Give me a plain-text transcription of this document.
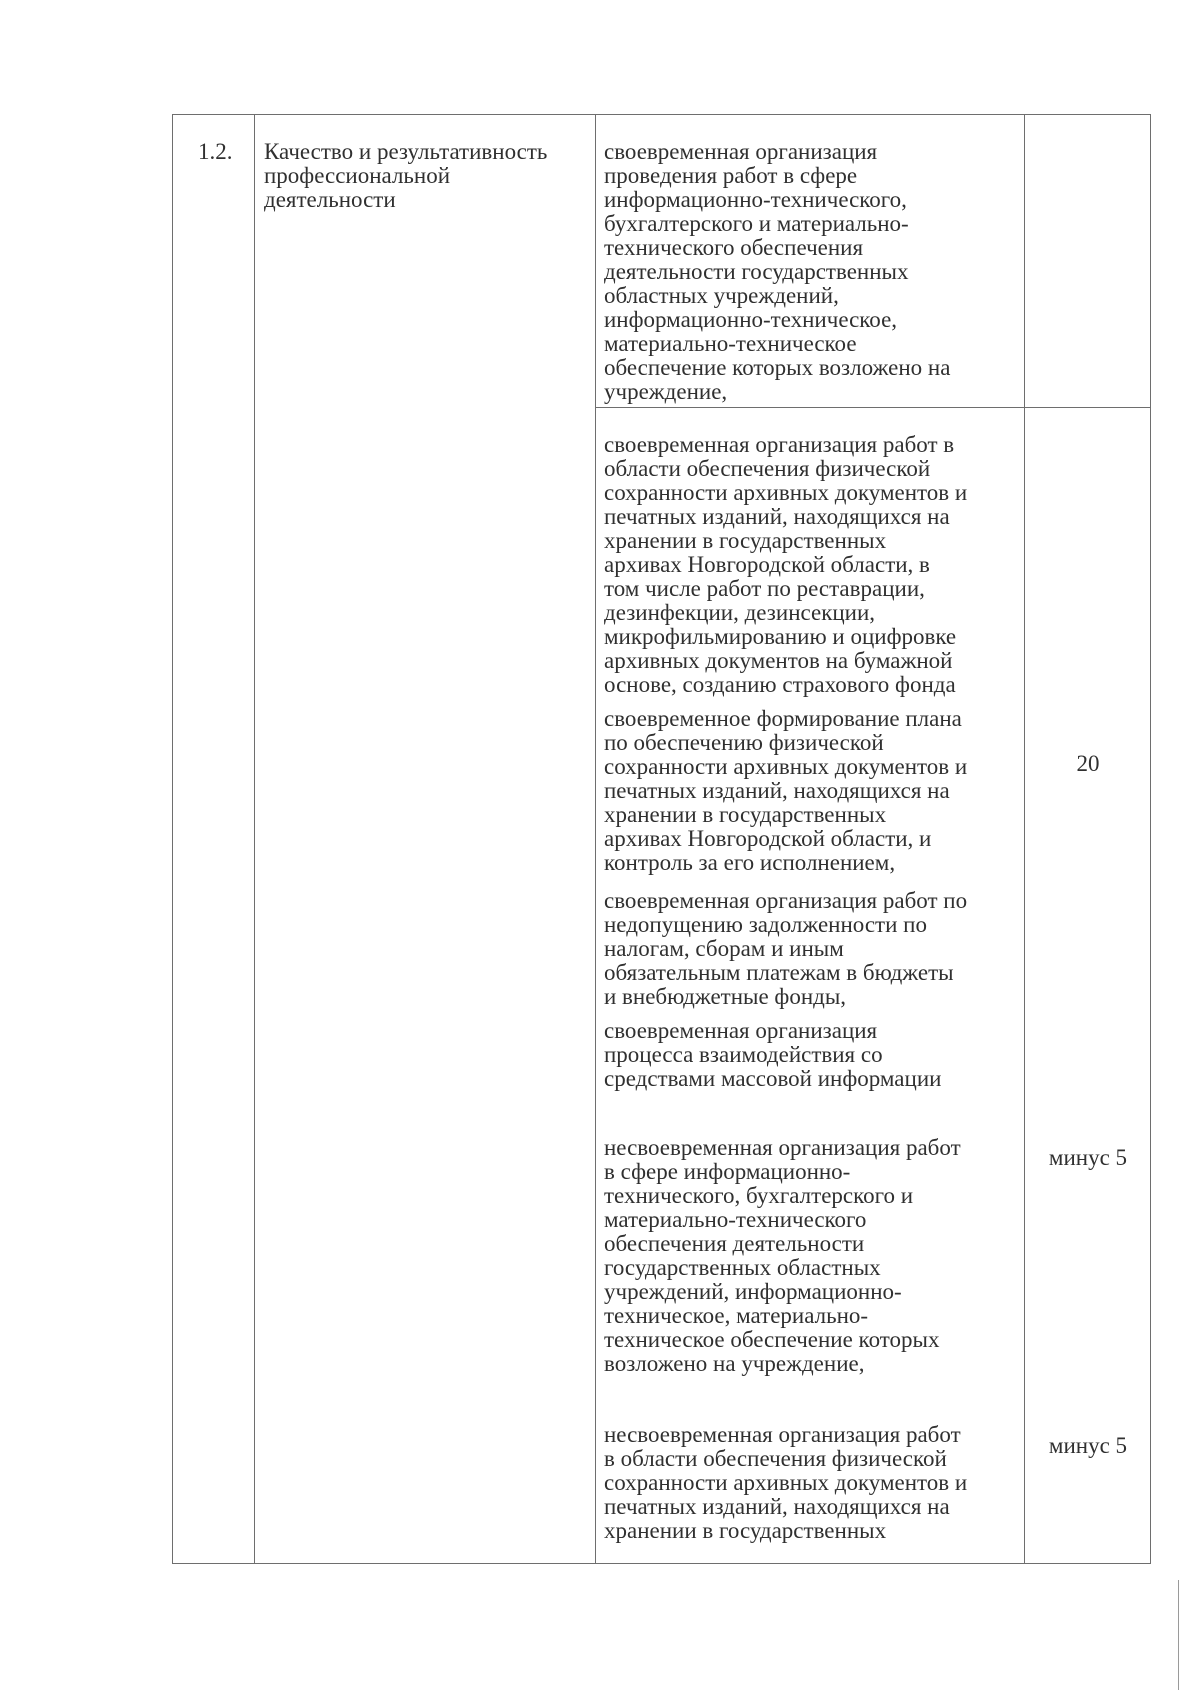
1.2. Качество и результативность
профессиональной
деятельности
своевременная организация
проведения работ в сфере
информационно-технического,
бухгалтерского и материально-
технического обеспечения
деятельности государственных
областных учреждений,
информационно-техническое,
материально-техническое
обеспечение которых возложено на
учреждение,
своевременная организация работ в
области обеспечения физической
сохранности архивных документов и
печатных изданий, находящихся на
хранении в государственных
архивах Новгородской области, в
том числе работ по реставрации,
дезинфекции, дезинсекции,
микрофильмированию и оцифровке
архивных документов на бумажной
основе, созданию страхового фонда
своевременное формирование плана
по обеспечению физической
сохранности архивных документов и
печатных изданий, находящихся на
хранении в государственных
архивах Новгородской области, и
контроль за его исполнением,
своевременная организация работ по
недопущению задолженности по
налогам, сборам и иным
обязательным платежам в бюджеты
и внебюджетные фонды,
своевременная организация
процесса взаимодействия со
средствами массовой информации
несвоевременная организация работ
в сфере информационно-
технического, бухгалтерского и
материально-технического
обеспечения деятельности
государственных областных
учреждений, информационно-
техническое, материально-
техническое обеспечение которых
возложено на учреждение,
несвоевременная организация работ
в области обеспечения физической
сохранности архивных документов и
печатных изданий, находящихся на
хранении в государственных
20
минус 5
минус 5
